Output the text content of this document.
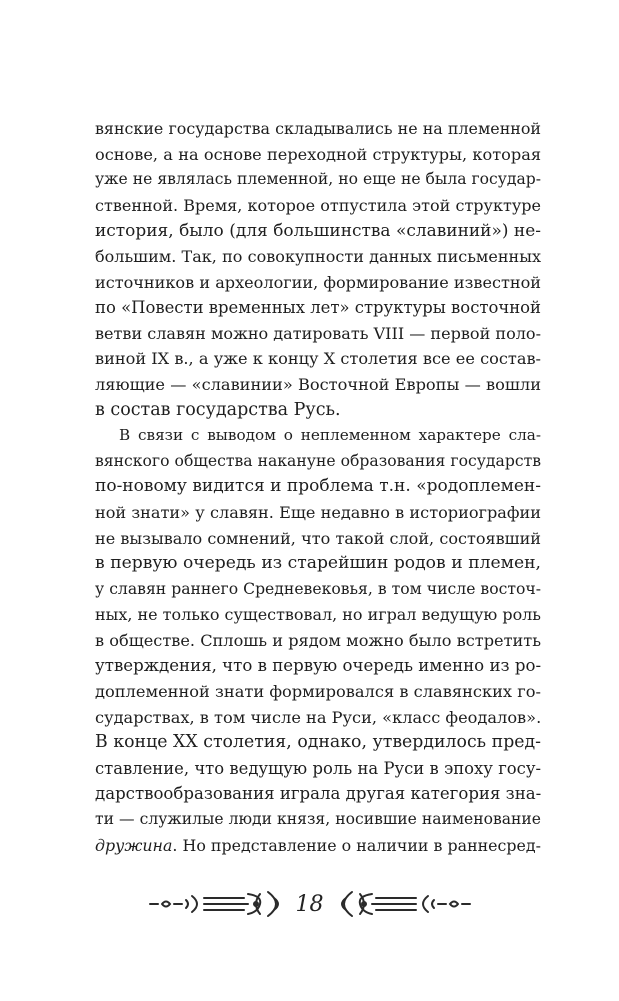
вянские государства складывались не на племенной
основе, а на основе переходной структуры, которая
уже не являлась племенной, но еще не была государ-
ственной. Время, которое отпустила этой структуре
история, было (для большинства «славиний») не-
большим. Так, по совокупности данных письменных
источников и археологии, формирование известной
по «Повести временных лет» структуры восточной
ветви славян можно датировать VIII — первой поло-
виной IX в., а уже к концу X столетия все ее состав-
ляющие — «славинии» Восточной Европы — вошли
в состав государства Русь.

В связи с выводом о неплеменном характере сла-
вянского общества накануне образования государств
по-новому видится и проблема т.н. «родоплемен-
ной знати» у славян. Еще недавно в историографии
не вызывало сомнений, что такой слой, состоявший
в первую очередь из старейшин родов и племен,
у славян раннего Средневековья, в том числе восточ-
ных, не только существовал, но играл ведущую роль
в обществе. Сплошь и рядом можно было встретить
утверждения, что в первую очередь именно из ро-
доплеменной знати формировался в славянских го-
сударствах, в том числе на Руси, «класс феодалов».
В конце XX столетия, однако, утвердилось пред-
ставление, что ведущую роль на Руси в эпоху госу-
дарствообразования играла другая категория зна-
ти — служилые люди князя, носившие наименование
дружина. Но представление о наличии в раннесред-

18
